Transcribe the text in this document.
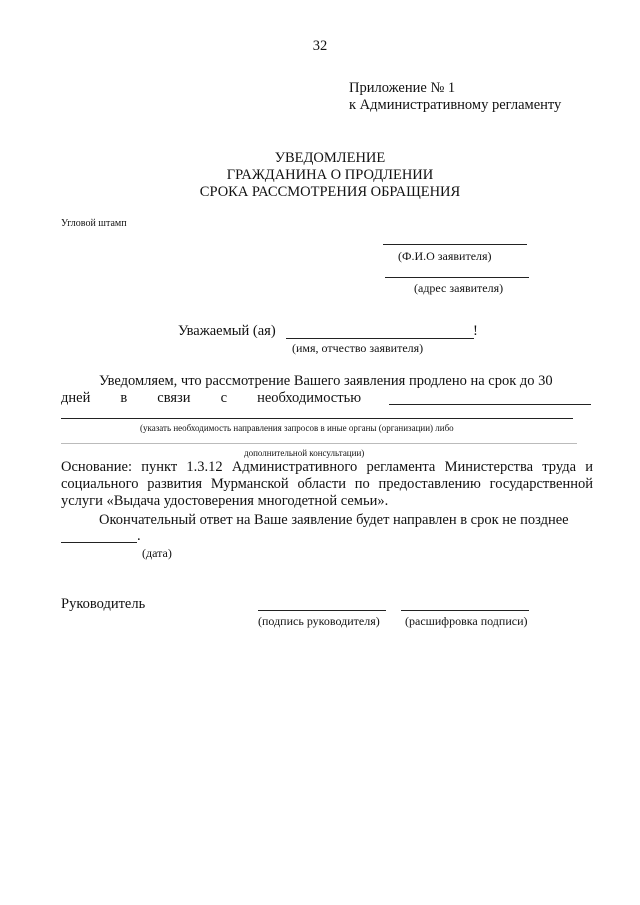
32
Приложение № 1
к Административному регламенту
УВЕДОМЛЕНИЕ
ГРАЖДАНИНА О ПРОДЛЕНИИ
СРОКА РАССМОТРЕНИЯ ОБРАЩЕНИЯ
Угловой штамп
(Ф.И.О заявителя)
(адрес заявителя)
Уважаемый (ая)	!
(имя, отчество заявителя)
Уведомляем, что рассмотрение Вашего заявления продлено на срок до 30
дней в связи с необходимостью
(указать необходимость направления запросов в иные органы (организации) либо
дополнительной консультации)
Основание: пункт 1.3.12 Административного регламента Министерства труда и социального развития Мурманской области по предоставлению государственной услуги «Выдача удостоверения многодетной семьи».
Окончательный ответ на Ваше заявление будет направлен в срок не позднее
.
(дата)
Руководитель
(подпись руководителя) (расшифровка подписи)
